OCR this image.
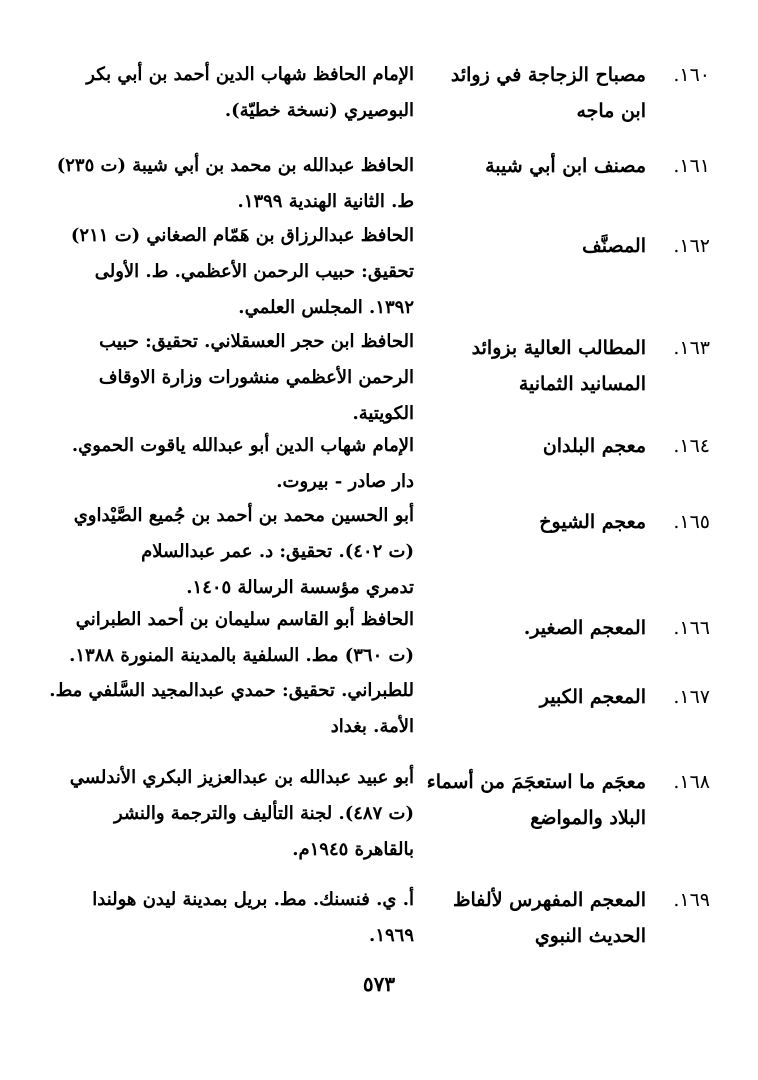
١٦٠.
مصباح الزجاجة في زوائد ابن ماجه
الإمام الحافظ شهاب الدين أحمد بن أبي بكر
البوصيري (نسخة خطيّة).
١٦١.
مصنف ابن أبي شيبة
الحافظ عبدالله بن محمد بن أبي شيبة (ت ٢٣٥)
ط. الثانية الهندية ١٣٩٩.
١٦٢.
المصنَّف
الحافظ عبدالرزاق بن هَمّام الصغاني (ت ٢١١)
تحقيق: حبيب الرحمن الأعظمي. ط. الأولى
١٣٩٢. المجلس العلمي.
١٦٣.
المطالب العالية بزوائد المسانيد الثمانية
الحافظ ابن حجر العسقلاني. تحقيق: حبيب
الرحمن الأعظمي منشورات وزارة الاوقاف
الكويتية.
١٦٤.
معجم البلدان
الإمام شهاب الدين أبو عبدالله ياقوت الحموي.
دار صادر - بيروت.
١٦٥.
معجم الشيوخ
أبو الحسين محمد بن أحمد بن جُميع الصَّيْداوي
(ت ٤٠٢). تحقيق: د. عمر عبدالسلام
تدمري مؤسسة الرسالة ١٤٠٥.
١٦٦.
المعجم الصغير.
الحافظ أبو القاسم سليمان بن أحمد الطبراني
(ت ٣٦٠) مط. السلفية بالمدينة المنورة ١٣٨٨.
١٦٧.
المعجم الكبير
للطبراني. تحقيق: حمدي عبدالمجيد السَّلفي مط.
الأمة. بغداد
١٦٨.
معجَم ما استعجَمَ من أسماء البلاد والمواضع
أبو عبيد عبدالله بن عبدالعزيز البكري الأندلسي
(ت ٤٨٧). لجنة التأليف والترجمة والنشر
بالقاهرة ١٩٤٥م.
١٦٩.
المعجم المفهرس لألفاظ الحديث النبوي
أ. ي. فنسنك. مط. بريل بمدينة ليدن هولندا
١٩٦٩.
٥٧٣
